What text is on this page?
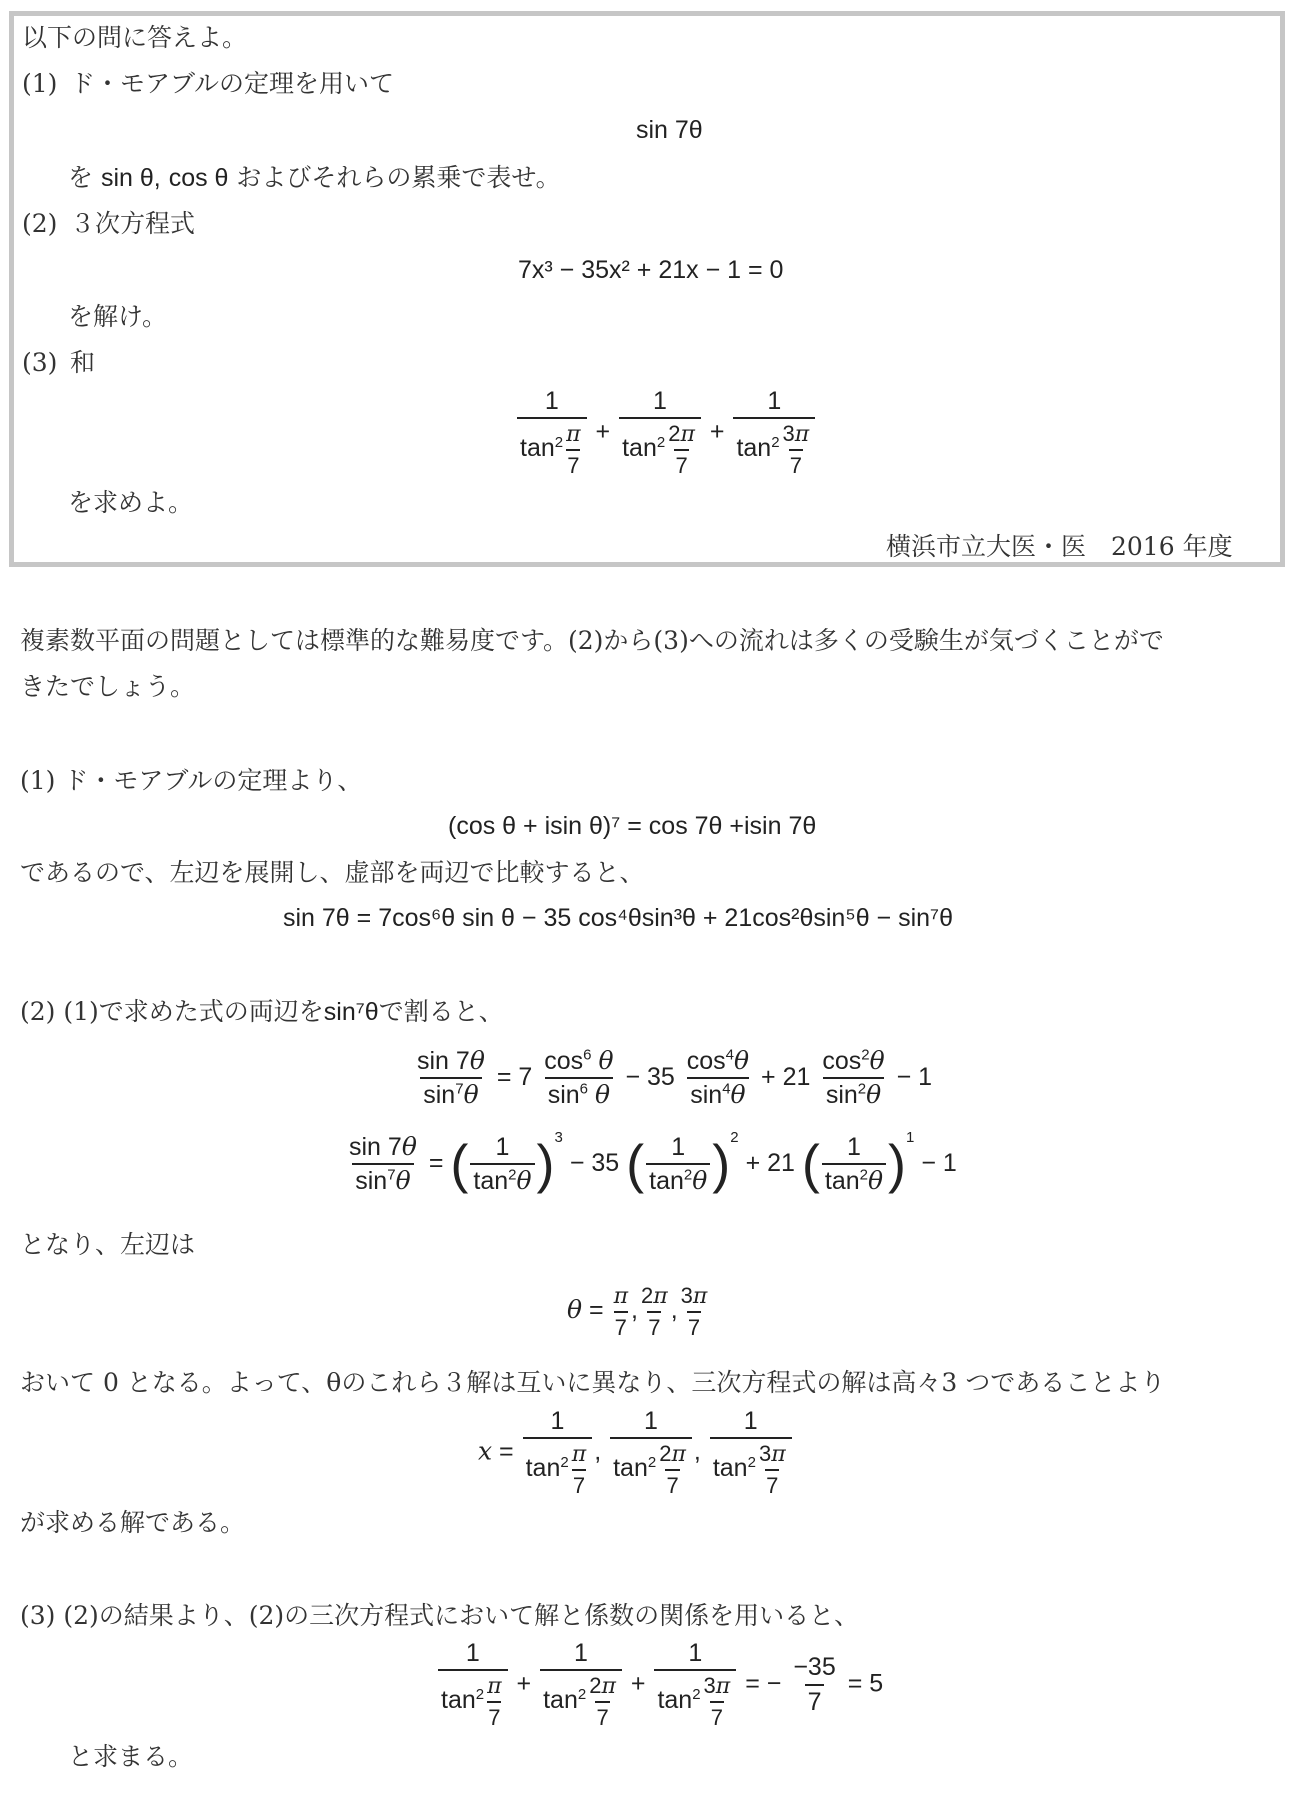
以下の問に答えよ。
(1) ド・モアブルの定理を用いて
sin 7θ
を sin θ, cos θ およびそれらの累乗で表せ。
(2) ３次方程式
7x³ − 35x² + 21x − 1 = 0
を解け。
(3) 和
$\frac{1}{\tan^2 \frac{\pi}{7}} + \frac{1}{\tan^2 \frac{2\pi}{7}} + \frac{1}{\tan^2 \frac{3\pi}{7}}$
を求めよ。
横浜市立大医・医　2016 年度
複素数平面の問題としては標準的な難易度です。(2)から(3)への流れは多くの受験生が気づくことがで
きたでしょう。
(1) ド・モアブルの定理より、
(cos θ + isin θ)⁷ = cos 7θ +isin 7θ
であるので、左辺を展開し、虚部を両辺で比較すると、
sin 7θ = 7cos⁶θ sin θ − 35 cos⁴θsin³θ + 21cos²θsin⁵θ − sin⁷θ
(2) (1)で求めた式の両辺をsin⁷θで割ると、
$\frac{\sin 7\theta}{\sin^7\theta} = 7 \frac{\cos^6 \theta}{\sin^6 \theta} - 35 \frac{\cos^4\theta}{\sin^4\theta} + 21 \frac{\cos^2\theta}{\sin^2\theta} - 1$
$\frac{\sin 7\theta}{\sin^7\theta}$ = ( $\frac{1}{\tan^2\theta} )^3 - 35$ ( $\frac{1}{\tan^2\theta} )^2 + 21$ ( $\frac{1}{\tan^2\theta} )^1 - 1$
となり、左辺は
$\theta = \frac{\pi}{7}$ , $\frac{2\pi}{7}$ , $\frac{3\pi}{7}$
おいて 0 となる。よって、θのこれら３解は互いに異なり、三次方程式の解は高々3 つであることより
$x = \frac{1}{\tan^2 \frac{\pi}{7}}$ , $\frac{1}{\tan^2 \frac{2\pi}{7}}$ , $\frac{1}{\tan^2 \frac{3\pi}{7}}$
が求める解である。
(3) (2)の結果より、(2)の三次方程式において解と係数の関係を用いると、
$\frac{1}{\tan^2 \frac{\pi}{7}} + \frac{1}{\tan^2 \frac{2\pi}{7}} + \frac{1}{\tan^2 \frac{3\pi}{7}}$ = − $\frac{-35}{7} = 5$
と求まる。
